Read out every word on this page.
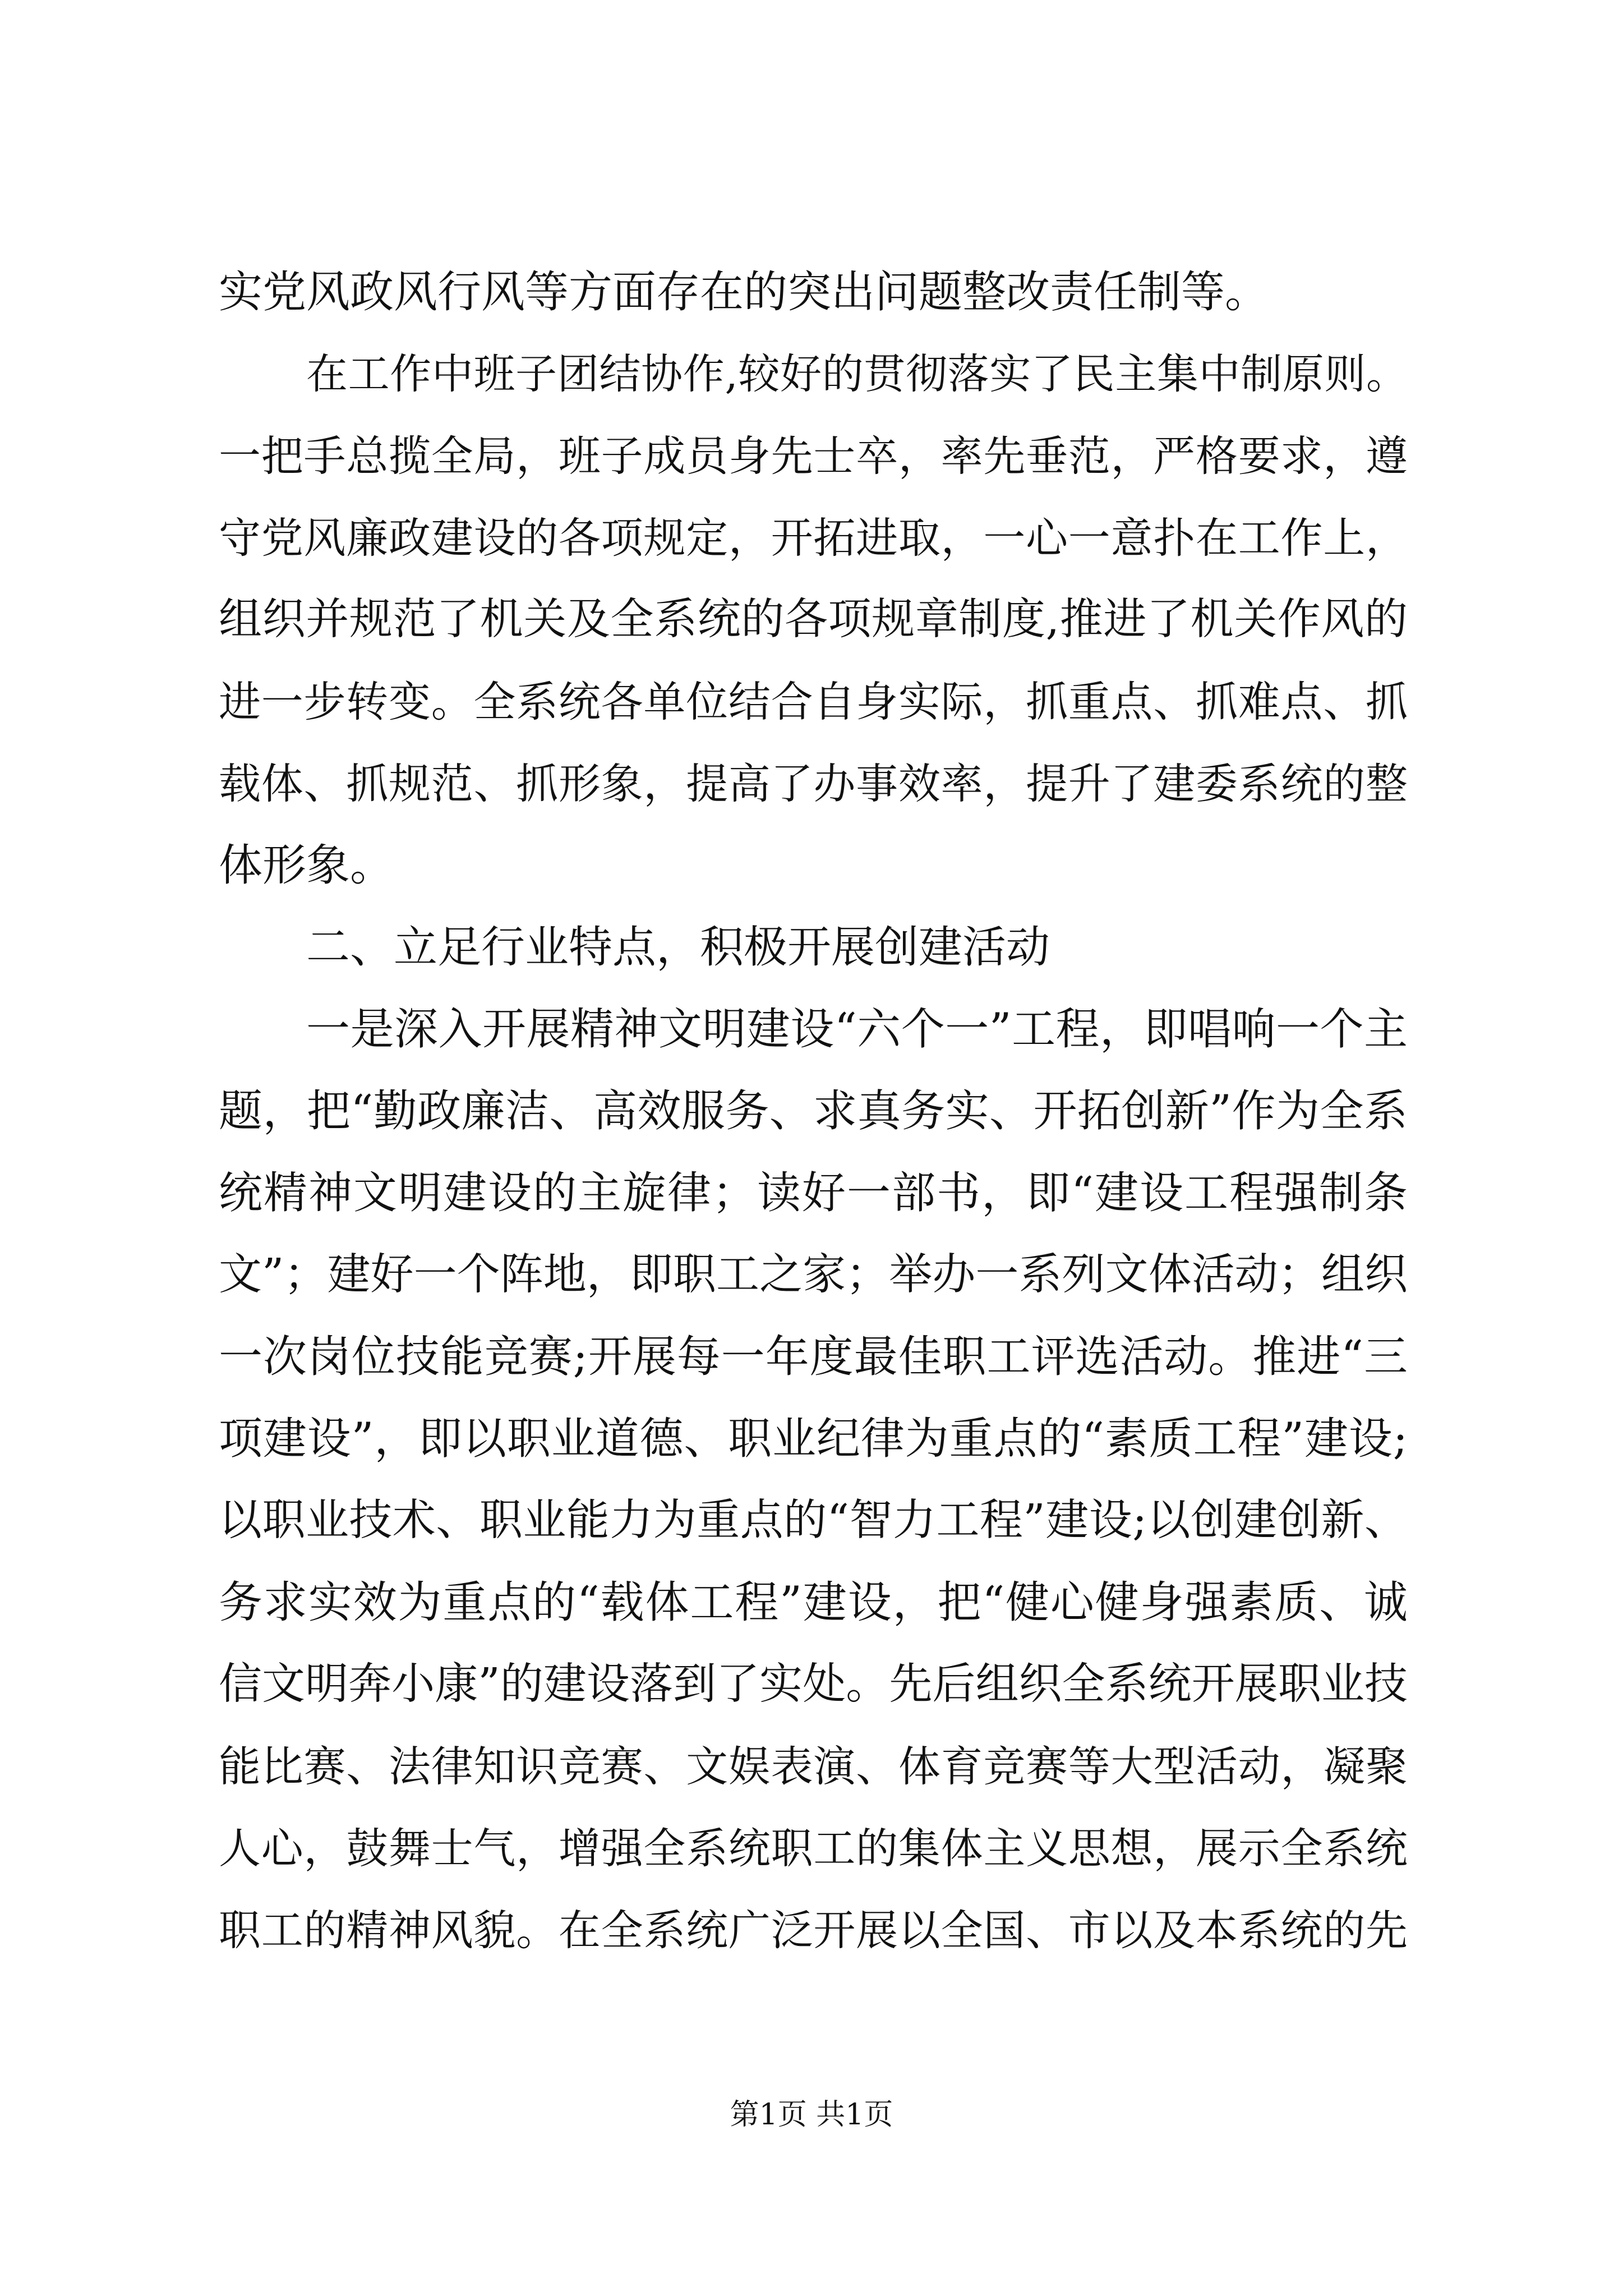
实党风政风行风等方面存在的突出问题整改责任制等。
在工作中班子团结协作,较好的贯彻落实了民主集中制原则。
一把手总揽全局，班子成员身先士卒，率先垂范，严格要求，遵
守党风廉政建设的各项规定，开拓进取，一心一意扑在工作上，
组织并规范了机关及全系统的各项规章制度,推进了机关作风的
进一步转变。全系统各单位结合自身实际，抓重点、抓难点、抓
载体、抓规范、抓形象，提高了办事效率，提升了建委系统的整
体形象。
二、立足行业特点，积极开展创建活动
一是深入开展精神文明建设“六个一”工程，即唱响一个主
题，把“勤政廉洁、高效服务、求真务实、开拓创新”作为全系
统精神文明建设的主旋律；读好一部书，即“建设工程强制条
文”；建好一个阵地，即职工之家；举办一系列文体活动；组织
一次岗位技能竞赛;开展每一年度最佳职工评选活动。推进“三
项建设”，即以职业道德、职业纪律为重点的“素质工程”建设;
以职业技术、职业能力为重点的“智力工程”建设;以创建创新、
务求实效为重点的“载体工程”建设，把“健心健身强素质、诚
信文明奔小康”的建设落到了实处。先后组织全系统开展职业技
能比赛、法律知识竞赛、文娱表演、体育竞赛等大型活动，凝聚
人心，鼓舞士气，增强全系统职工的集体主义思想，展示全系统
职工的精神风貌。在全系统广泛开展以全国、市以及本系统的先
第1页 共1页
